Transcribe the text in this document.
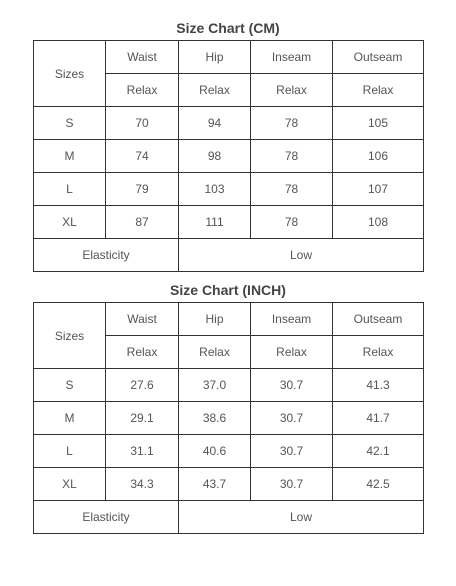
Size Chart (CM)
Sizes	Waist	Hip	Inseam	Outseam
	Relax	Relax	Relax	Relax
S	70	94	78	105
M	74	98	78	106
L	79	103	78	107
XL	87	111	78	108
Elasticity		Low		
Size Chart (INCH)
Sizes	Waist	Hip	Inseam	Outseam
	Relax	Relax	Relax	Relax
S	27.6	37.0	30.7	41.3
M	29.1	38.6	30.7	41.7
L	31.1	40.6	30.7	42.1
XL	34.3	43.7	30.7	42.5
Elasticity		Low		
